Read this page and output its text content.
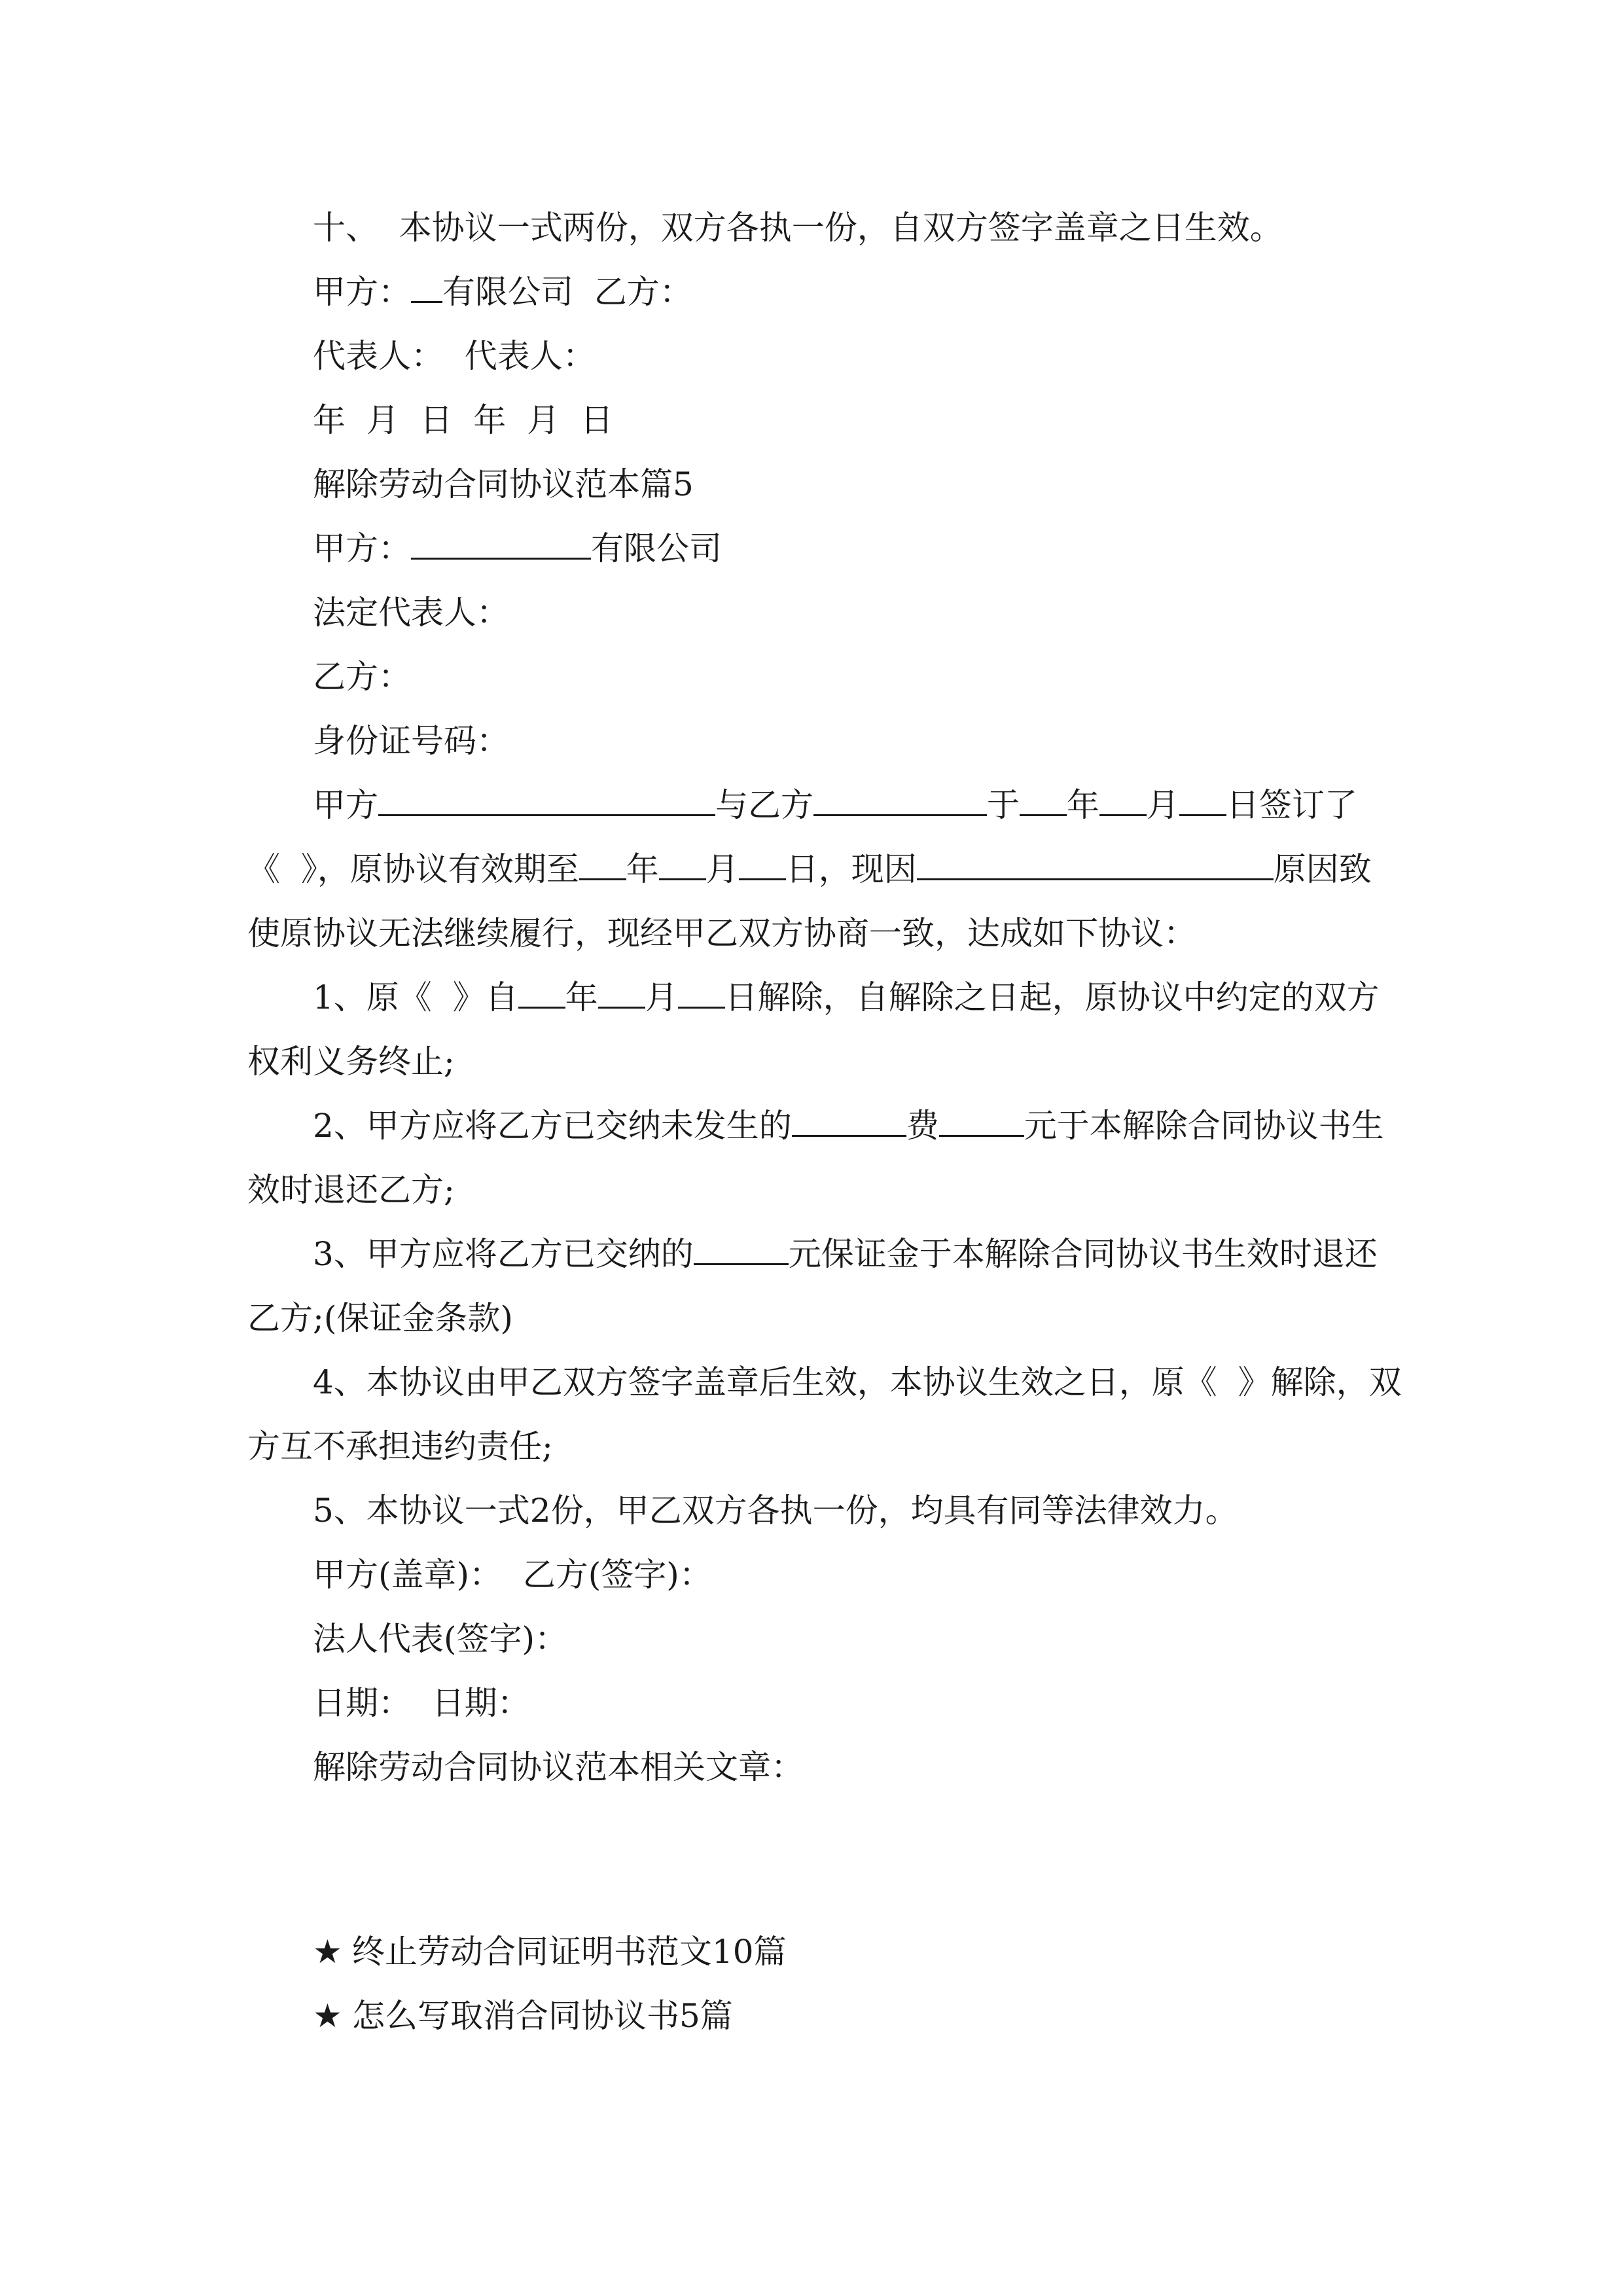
十、  本协议一式两份，双方各执一份，自双方签字盖章之日生效。
甲方： 有限公司  乙方：
代表人：  代表人：
年  月  日  年  月  日
解除劳动合同协议范本篇5
甲方：	有限公司
法定代表人：
乙方：
身份证号码：
甲方	与乙方	于 年 月 日签订了
《  》，原协议有效期至 年 月 日，现因	原因致
使原协议无法继续履行，现经甲乙双方协商一致，达成如下协议：
1、原《  》自 年 月 日解除，自解除之日起，原协议中约定的双方
权利义务终止;
2、甲方应将乙方已交纳未发生的	费	元于本解除合同协议书生
效时退还乙方;
3、甲方应将乙方已交纳的	元保证金于本解除合同协议书生效时退还
乙方;(保证金条款)
4、本协议由甲乙双方签字盖章后生效，本协议生效之日，原《  》解除，双
方互不承担违约责任;
5、本协议一式2份，甲乙双方各执一份，均具有同等法律效力。
甲方(盖章)：  乙方(签字)：
法人代表(签字)：
日期：  日期：
解除劳动合同协议范本相关文章：
★ 终止劳动合同证明书范文10篇
★ 怎么写取消合同协议书5篇
